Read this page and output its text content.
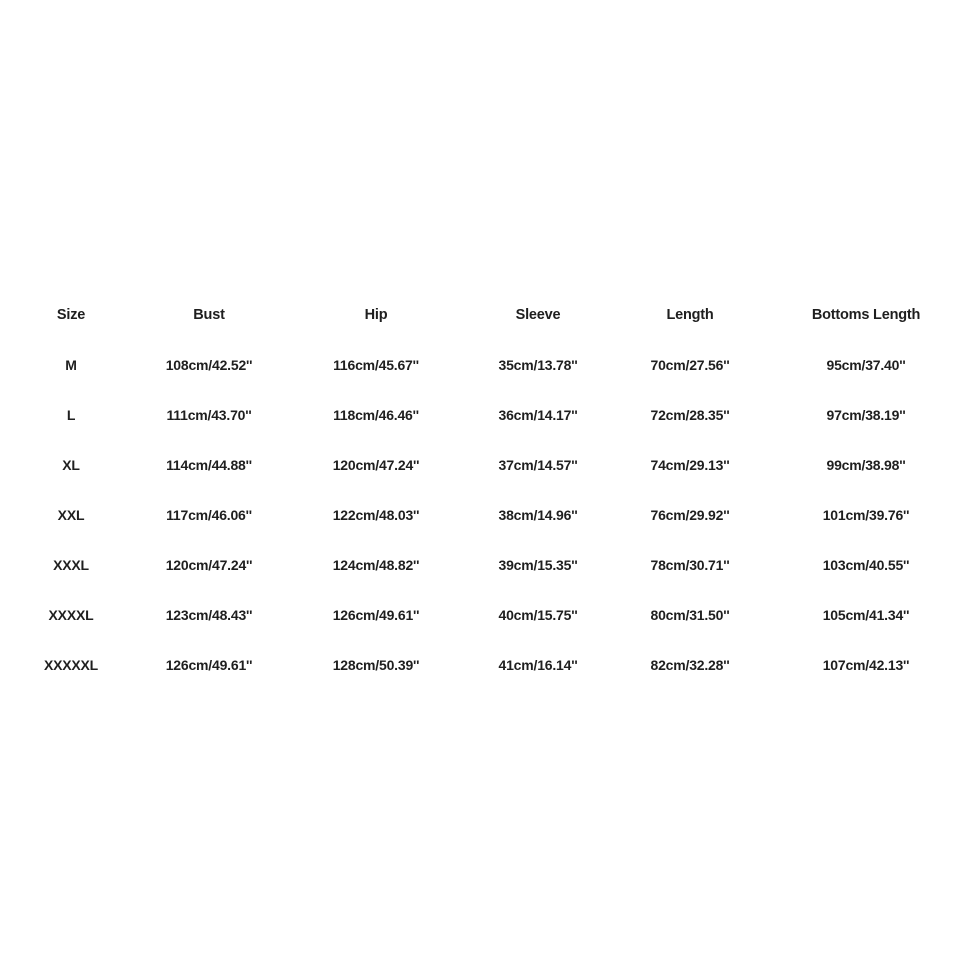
Size	Bust	Hip	Sleeve	Length	Bottoms Length
M	108cm/42.52''	116cm/45.67''	35cm/13.78''	70cm/27.56''	95cm/37.40''
L	111cm/43.70''	118cm/46.46''	36cm/14.17''	72cm/28.35''	97cm/38.19''
XL	114cm/44.88''	120cm/47.24''	37cm/14.57''	74cm/29.13''	99cm/38.98''
XXL	117cm/46.06''	122cm/48.03''	38cm/14.96''	76cm/29.92''	101cm/39.76''
XXXL	120cm/47.24''	124cm/48.82''	39cm/15.35''	78cm/30.71''	103cm/40.55''
XXXXL	123cm/48.43''	126cm/49.61''	40cm/15.75''	80cm/31.50''	105cm/41.34''
XXXXXL	126cm/49.61''	128cm/50.39''	41cm/16.14''	82cm/32.28''	107cm/42.13''
